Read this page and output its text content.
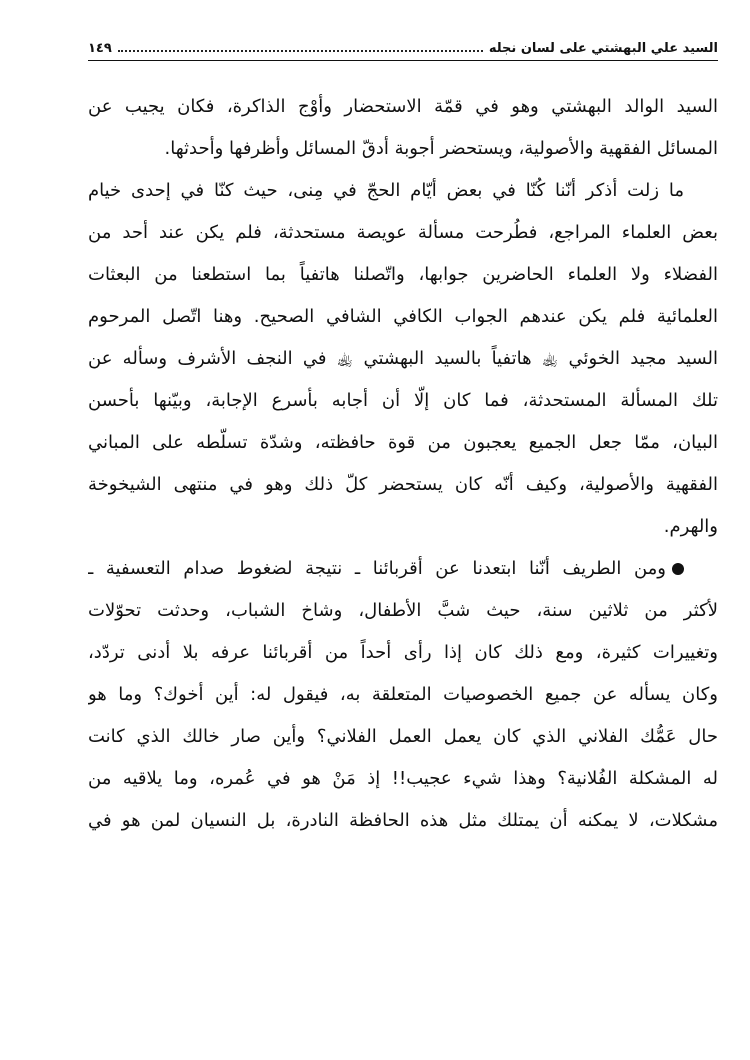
السيد علي البهشتي على لسان نجله
١٤٩
السيد الوالد البهشتي وهو في قمّة الاستحضار وأوْج الذاكرة، فكان يجيب عن
المسائل الفقهية والأصولية، ويستحضر أجوبة أدقّ المسائل وأظرفها وأحدثها.
ما زلت أذكر أنّنا كُنّا في بعض أيّام الحجّ في مِنى، حيث كنّا في إحدى خيام
بعض العلماء المراجع، فطُرحت مسألة عويصة مستحدثة، فلم يكن عند أحد من
الفضلاء ولا العلماء الحاضرين جوابها، واتّصلنا هاتفياً بما استطعنا من البعثات
العلمائية فلم يكن عندهم الجواب الكافي الشافي الصحيح. وهنا اتّصل المرحوم
السيد مجيد الخوئي ﵀ هاتفياً بالسيد البهشتي ﵀ في النجف الأشرف وسأله عن
تلك المسألة المستحدثة، فما كان إلّا أن أجابه بأسرع الإجابة، وبيّنها بأحسن
البيان، ممّا جعل الجميع يعجبون من قوة حافظته، وشدّة تسلّطه على المباني
الفقهية والأصولية، وكيف أنّه كان يستحضر كلّ ذلك وهو في منتهى الشيخوخة
والهرم.
ومن الطريف أنّنا ابتعدنا عن أقربائنا ـ نتيجة لضغوط صدام التعسفية ـ
لأكثر من ثلاثين سنة، حيث شبَّ الأطفال، وشاخ الشباب، وحدثت تحوّلات
وتغييرات كثيرة، ومع ذلك كان إذا رأى أحداً من أقربائنا عرفه بلا أدنى تردّد،
وكان يسأله عن جميع الخصوصيات المتعلقة به، فيقول له: أين أخوك؟ وما هو
حال عَمُّك الفلاني الذي كان يعمل العمل الفلاني؟ وأين صار خالك الذي كانت
له المشكلة الفُلانية؟ وهذا شيء عجيب!! إذ مَنْ هو في عُمره، وما يلاقيه من
مشكلات، لا يمكنه أن يمتلك مثل هذه الحافظة النادرة، بل النسيان لمن هو في
